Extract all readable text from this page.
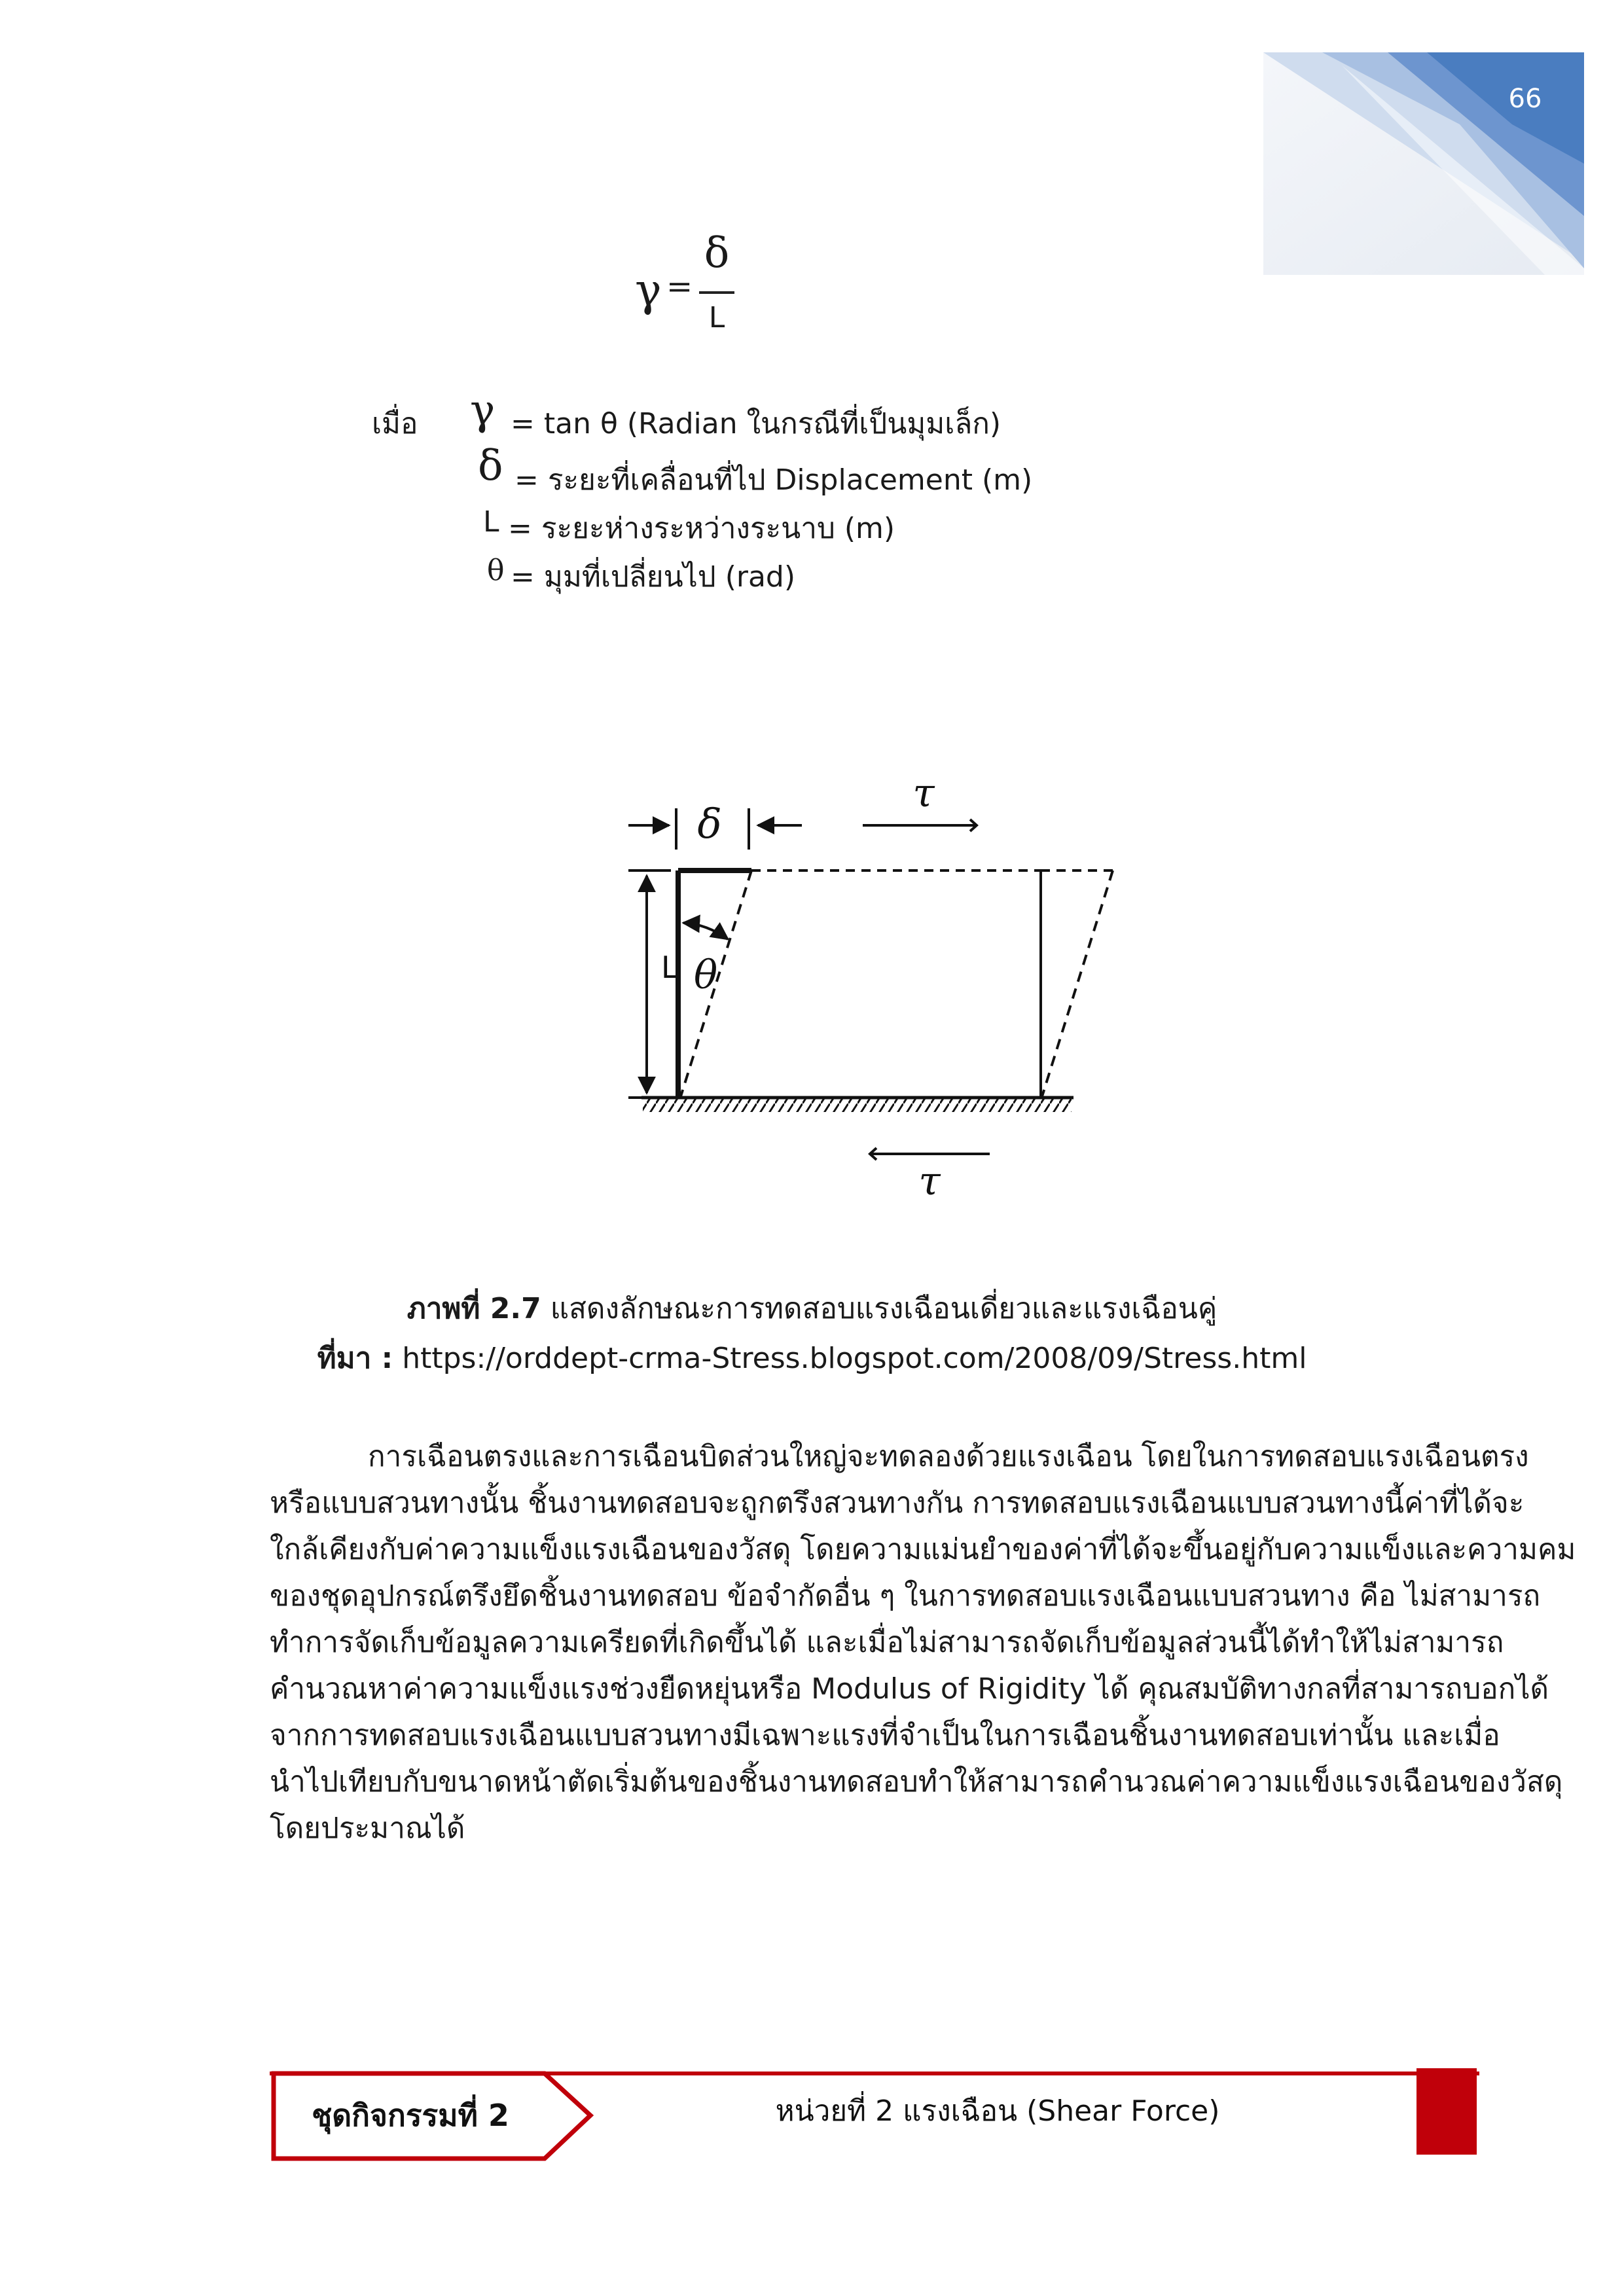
66
γ =
δ
L
เมื่อ γ = tan θ (Radian ในกรณีที่เป็นมุมเล็ก)
δ = ระยะที่เคลื่อนที่ไป Displacement (m)
L = ระยะห่างระหว่างระนาบ (m)
θ = มุมที่เปลี่ยนไป (rad)
δ
τ
L θ
τ
ภาพที่ 2.7 แสดงลักษณะการทดสอบแรงเฉือนเดี่ยวและแรงเฉือนคู่
ที่มา : https://orddept-crma-Stress.blogspot.com/2008/09/Stress.html
การเฉือนตรงและการเฉือนบิดส่วนใหญ่จะทดลองด้วยแรงเฉือน โดยในการทดสอบแรงเฉือนตรง
หรือแบบสวนทางนั้น ชิ้นงานทดสอบจะถูกตรึงสวนทางกัน การทดสอบแรงเฉือนแบบสวนทางนี้ค่าที่ได้จะ
ใกล้เคียงกับค่าความแข็งแรงเฉือนของวัสดุ โดยความแม่นยำของค่าที่ได้จะขึ้นอยู่กับความแข็งและความคม
ของชุดอุปกรณ์ตรึงยึดชิ้นงานทดสอบ ข้อจำกัดอื่น ๆ ในการทดสอบแรงเฉือนแบบสวนทาง คือ ไม่สามารถ
ทำการจัดเก็บข้อมูลความเครียดที่เกิดขึ้นได้ และเมื่อไม่สามารถจัดเก็บข้อมูลส่วนนี้ได้ทำให้ไม่สามารถ
คำนวณหาค่าความแข็งแรงช่วงยืดหยุ่นหรือ Modulus of Rigidity ได้ คุณสมบัติทางกลที่สามารถบอกได้
จากการทดสอบแรงเฉือนแบบสวนทางมีเฉพาะแรงที่จำเป็นในการเฉือนชิ้นงานทดสอบเท่านั้น และเมื่อ
นำไปเทียบกับขนาดหน้าตัดเริ่มต้นของชิ้นงานทดสอบทำให้สามารถคำนวณค่าความแข็งแรงเฉือนของวัสดุ
โดยประมาณได้
ชุดกิจกรรมที่ 2	หน่วยที่ 2 แรงเฉือน (Shear Force)
